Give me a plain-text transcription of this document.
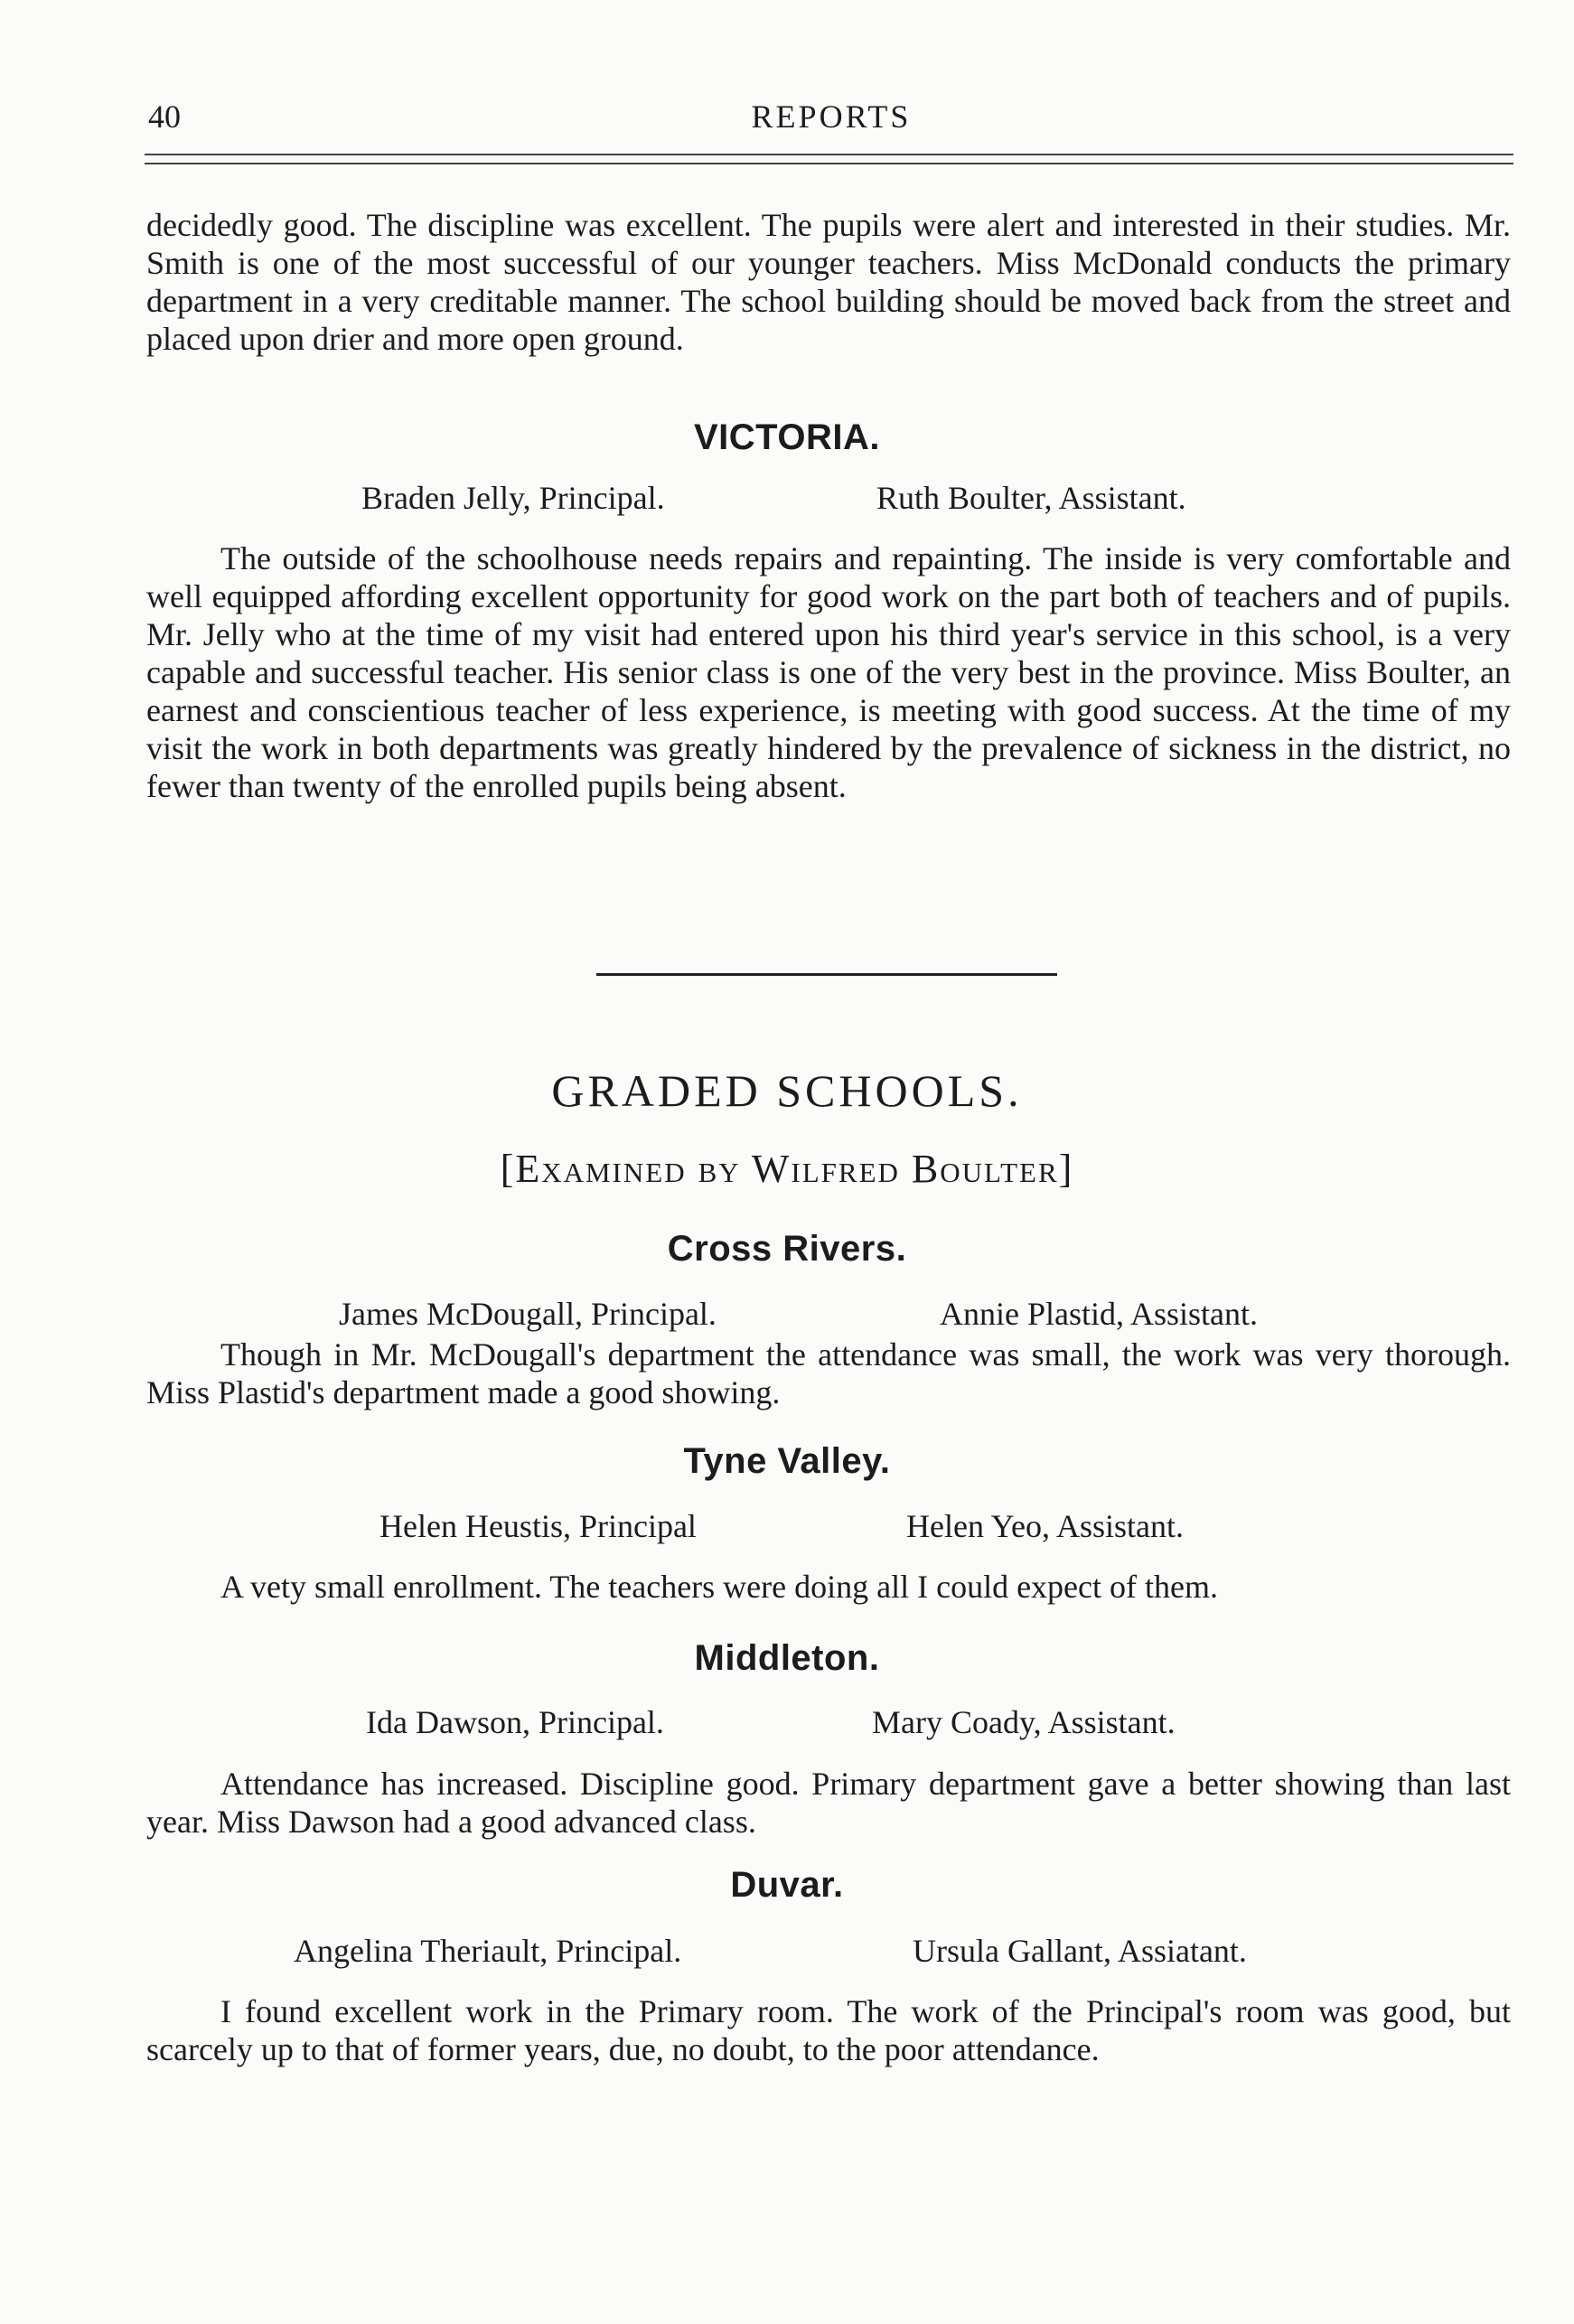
40	REPORTS

decidedly good. The discipline was excellent. The pupils were alert and interested in their studies. Mr. Smith is one of the most successful of our younger teachers. Miss McDonald conducts the primary department in a very creditable manner. The school building should be moved back from the street and placed upon drier and more open ground.

VICTORIA.
Braden Jelly, Principal.	Ruth Boulter, Assistant.

The outside of the schoolhouse needs repairs and repainting. The inside is very comfortable and well equipped affording excellent opportunity for good work on the part both of teachers and of pupils. Mr. Jelly who at the time of my visit had entered upon his third year's service in this school, is a very capable and successful teacher. His senior class is one of the very best in the province. Miss Boulter, an earnest and conscientious teacher of less experience, is meeting with good success. At the time of my visit the work in both departments was greatly hindered by the prevalence of sickness in the district, no fewer than twenty of the enrolled pupils being absent.

GRADED SCHOOLS.
[Examined by Wilfred Boulter]
Cross Rivers.
James McDougall, Principal.	Annie Plastid, Assistant.

Though in Mr. McDougall's department the attendance was small, the work was very thorough. Miss Plastid's department made a good showing.

Tyne Valley.
Helen Heustis, Principal	Helen Yeo, Assistant.

A vety small enrollment. The teachers were doing all I could expect of them.

Middleton.
Ida Dawson, Principal.	Mary Coady, Assistant.

Attendance has increased. Discipline good. Primary department gave a better showing than last year. Miss Dawson had a good advanced class.

Duvar.
Angelina Theriault, Principal.	Ursula Gallant, Assiatant.

I found excellent work in the Primary room. The work of the Principal's room was good, but scarcely up to that of former years, due, no doubt, to the poor attendance.
